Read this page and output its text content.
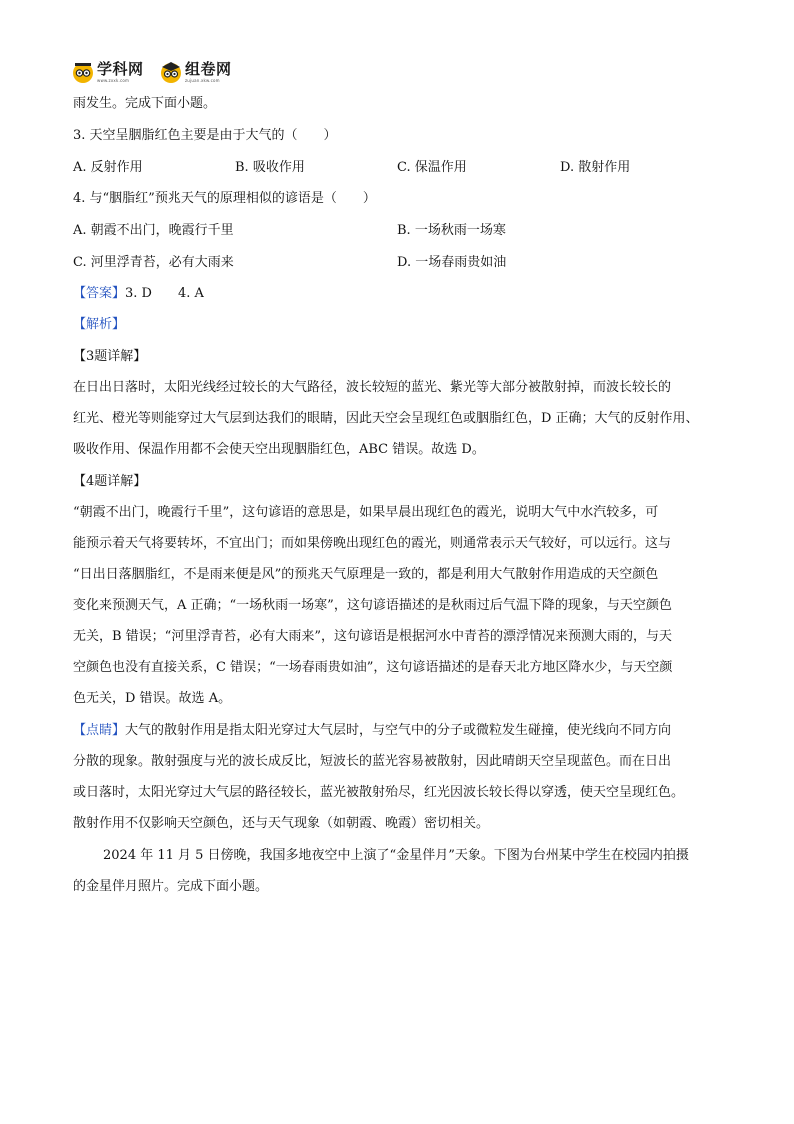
学科网
www.zxxk.com
组卷网
zujuan.xkw.com
雨发生。完成下面小题。
3. 天空呈胭脂红色主要是由于大气的（　　）
A. 反射作用	B. 吸收作用	C. 保温作用	D. 散射作用
4. 与“胭脂红”预兆天气的原理相似的谚语是（　　）
A. 朝霞不出门，晚霞行千里	B. 一场秋雨一场寒
C. 河里浮青苔，必有大雨来	D. 一场春雨贵如油
【答案】3. D　　4. A
【解析】
【3题详解】
在日出日落时，太阳光线经过较长的大气路径，波长较短的蓝光、紫光等大部分被散射掉，而波长较长的
红光、橙光等则能穿过大气层到达我们的眼睛，因此天空会呈现红色或胭脂红色，D 正确；大气的反射作用、
吸收作用、保温作用都不会使天空出现胭脂红色，ABC 错误。故选 D。
【4题详解】
“朝霞不出门，晚霞行千里”，这句谚语的意思是，如果早晨出现红色的霞光，说明大气中水汽较多，可
能预示着天气将要转坏，不宜出门；而如果傍晚出现红色的霞光，则通常表示天气较好，可以远行。这与
“日出日落胭脂红，不是雨来便是风”的预兆天气原理是一致的，都是利用大气散射作用造成的天空颜色
变化来预测天气，A 正确；“一场秋雨一场寒”，这句谚语描述的是秋雨过后气温下降的现象，与天空颜色
无关，B 错误；“河里浮青苔，必有大雨来”，这句谚语是根据河水中青苔的漂浮情况来预测大雨的，与天
空颜色也没有直接关系，C 错误；“一场春雨贵如油”，这句谚语描述的是春天北方地区降水少，与天空颜
色无关，D 错误。故选 A。
【点睛】大气的散射作用是指太阳光穿过大气层时，与空气中的分子或微粒发生碰撞，使光线向不同方向
分散的现象。散射强度与光的波长成反比，短波长的蓝光容易被散射，因此晴朗天空呈现蓝色。而在日出
或日落时，太阳光穿过大气层的路径较长，蓝光被散射殆尽，红光因波长较长得以穿透，使天空呈现红色。
散射作用不仅影响天空颜色，还与天气现象（如朝霞、晚霞）密切相关。
2024 年 11 月 5 日傍晚，我国多地夜空中上演了“金星伴月”天象。下图为台州某中学生在校园内拍摄
的金星伴月照片。完成下面小题。
